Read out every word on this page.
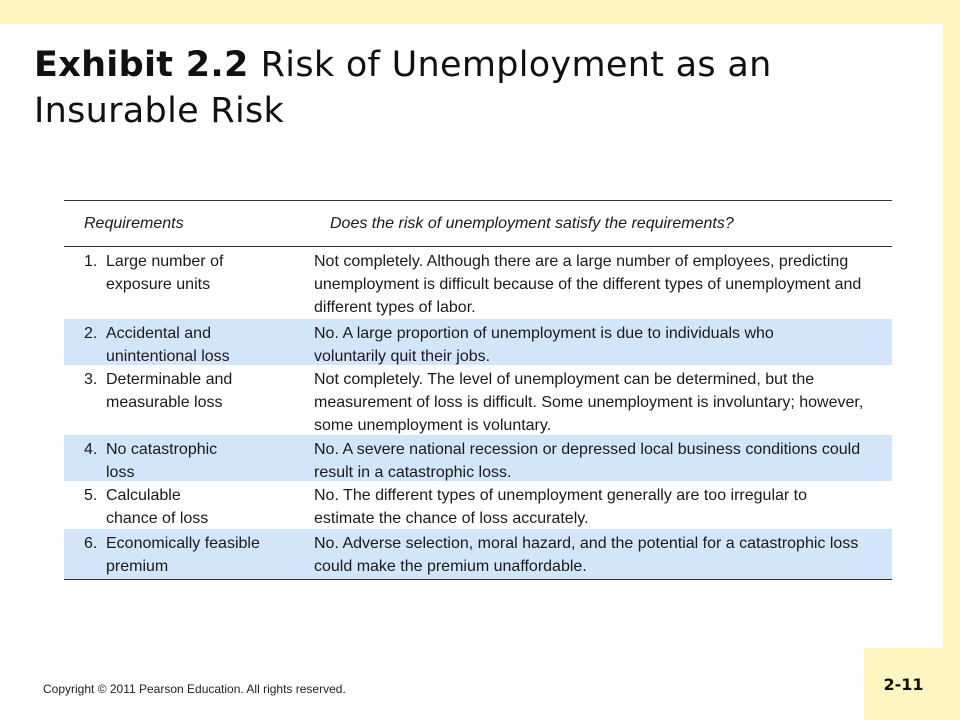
Exhibit 2.2 Risk of Unemployment as an Insurable Risk
Requirements	Does the risk of unemployment satisfy the requirements?
1. Large number of exposure units
Not completely. Although there are a large number of employees, predicting unemployment is difficult because of the different types of unemployment and different types of labor.
2. Accidental and unintentional loss
No. A large proportion of unemployment is due to individuals who voluntarily quit their jobs.
3. Determinable and measurable loss
Not completely. The level of unemployment can be determined, but the measurement of loss is difficult. Some unemployment is involuntary; however, some unemployment is voluntary.
4. No catastrophic loss
No. A severe national recession or depressed local business conditions could result in a catastrophic loss.
5. Calculable chance of loss
No. The different types of unemployment generally are too irregular to estimate the chance of loss accurately.
6. Economically feasible premium
No. Adverse selection, moral hazard, and the potential for a catastrophic loss could make the premium unaffordable.
Copyright © 2011 Pearson Education. All rights reserved.	2-11
